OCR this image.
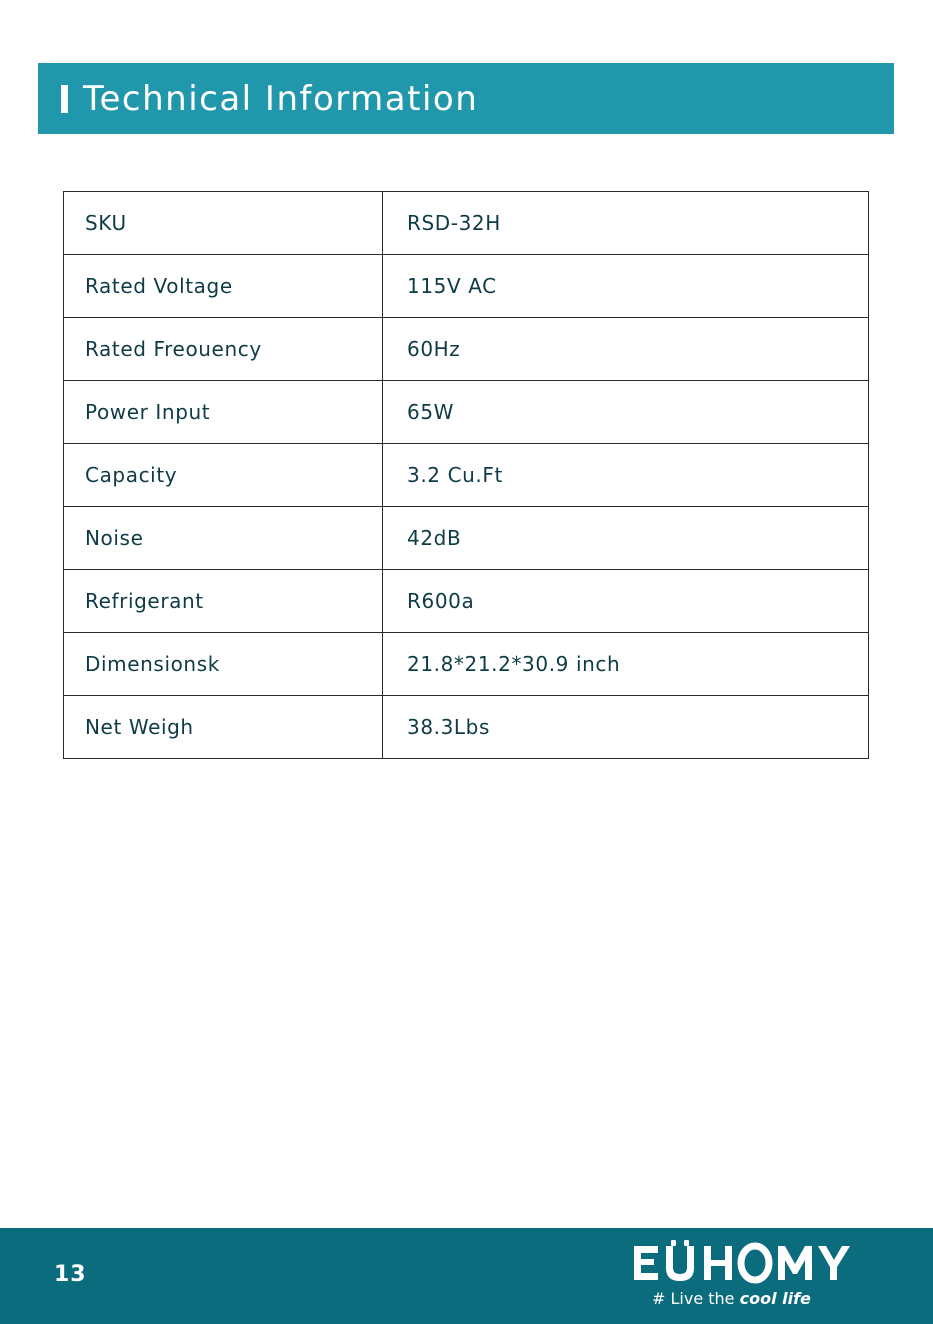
Technical Information
SKU	RSD-32H
Rated Voltage	115V AC
Rated Freouency	60Hz
Power Input	65W
Capacity	3.2 Cu.Ft
Noise	42dB
Refrigerant	R600a
Dimensionsk	21.8*21.2*30.9 inch
Net Weigh	38.3Lbs
13
# Live the cool life
